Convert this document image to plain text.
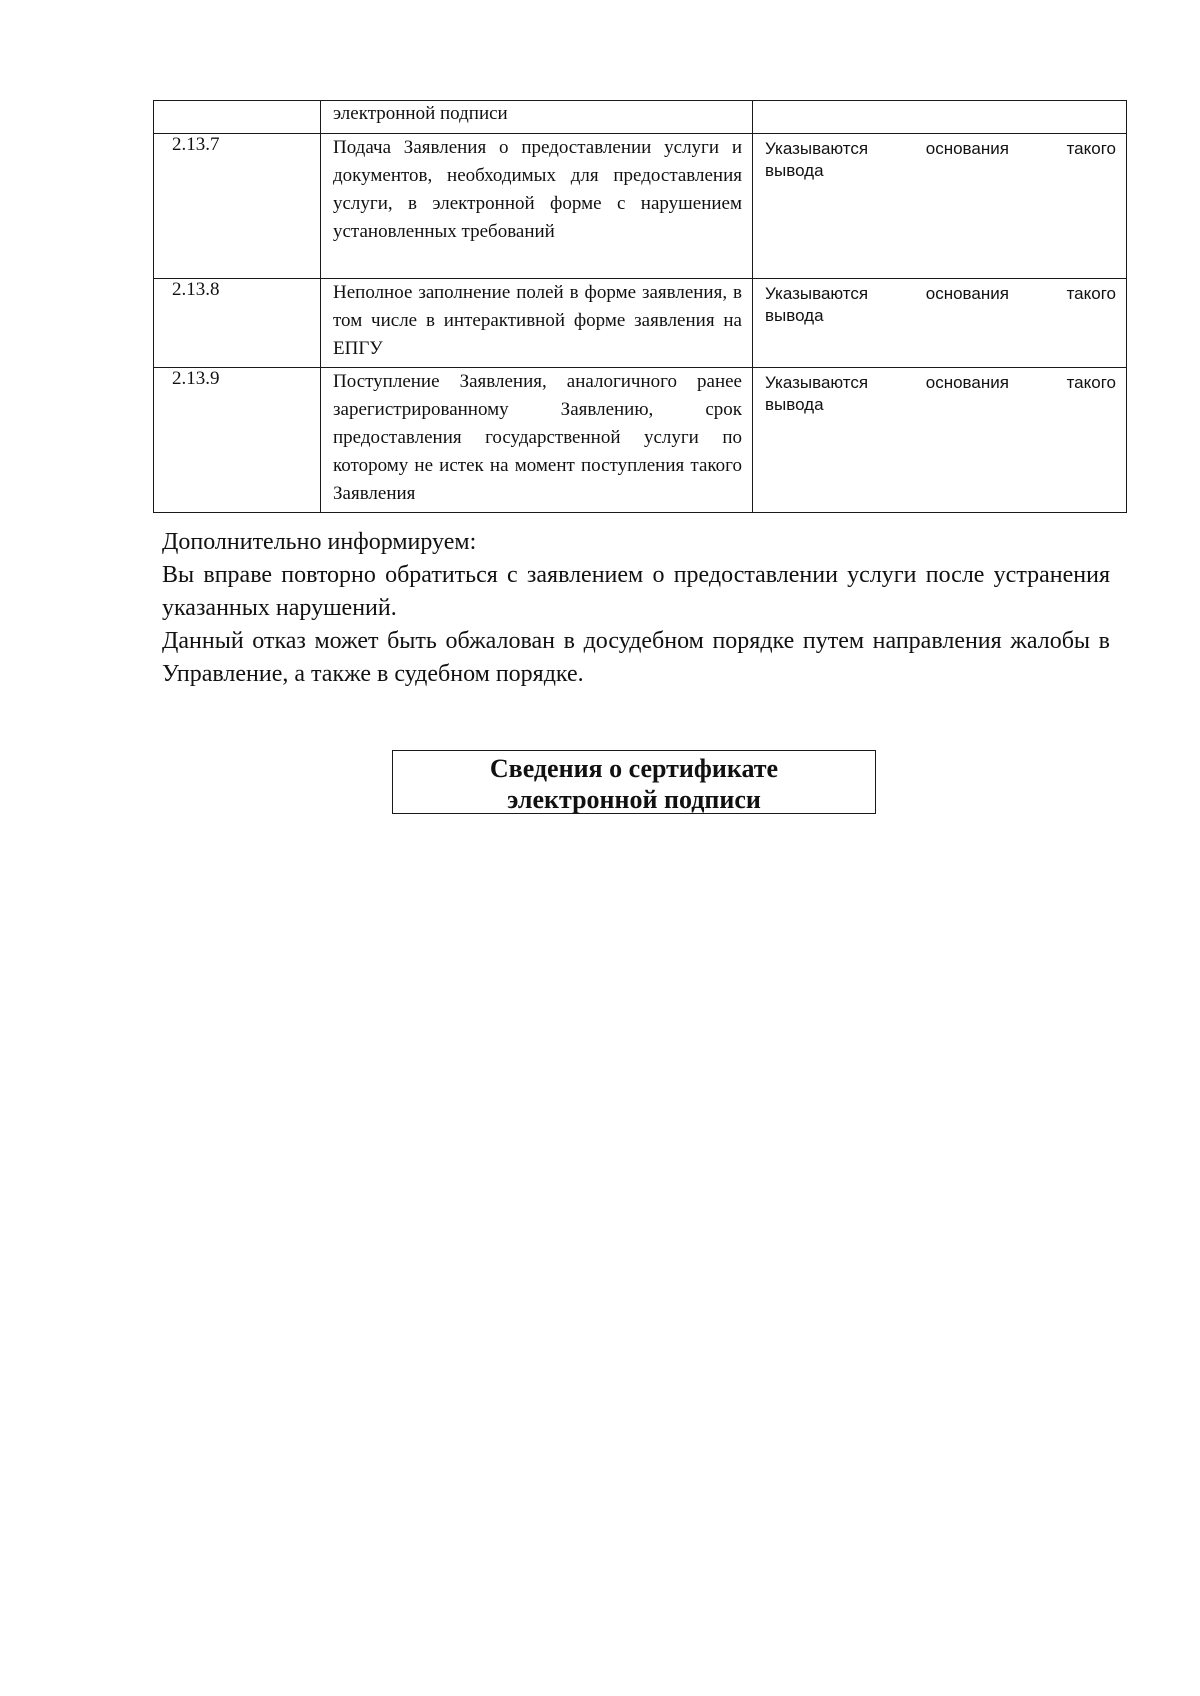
	электронной подписи	
2.13.7	Подача Заявления о предоставлении услуги и документов, необходимых для предоставления услуги, в электронной форме с нарушением установленных требований	Указываются основания такого
вывода

2.13.8	Неполное заполнение полей в форме заявления, в том числе в интерактивной форме заявления на ЕПГУ	Указываются основания такого
вывода

2.13.9	Поступление Заявления, аналогичного ранее зарегистрированному Заявлению, срок предоставления государственной услуги по которому не истек на момент поступления такого Заявления	Указываются основания такого
вывода

Дополнительно информируем:

Вы вправе повторно обратиться с заявлением о предоставлении услуги после устранения указанных нарушений.

Данный отказ может быть обжалован в досудебном порядке путем направления жалобы в Управление, а также в судебном порядке.

Сведения о сертификате
электронной подписи
